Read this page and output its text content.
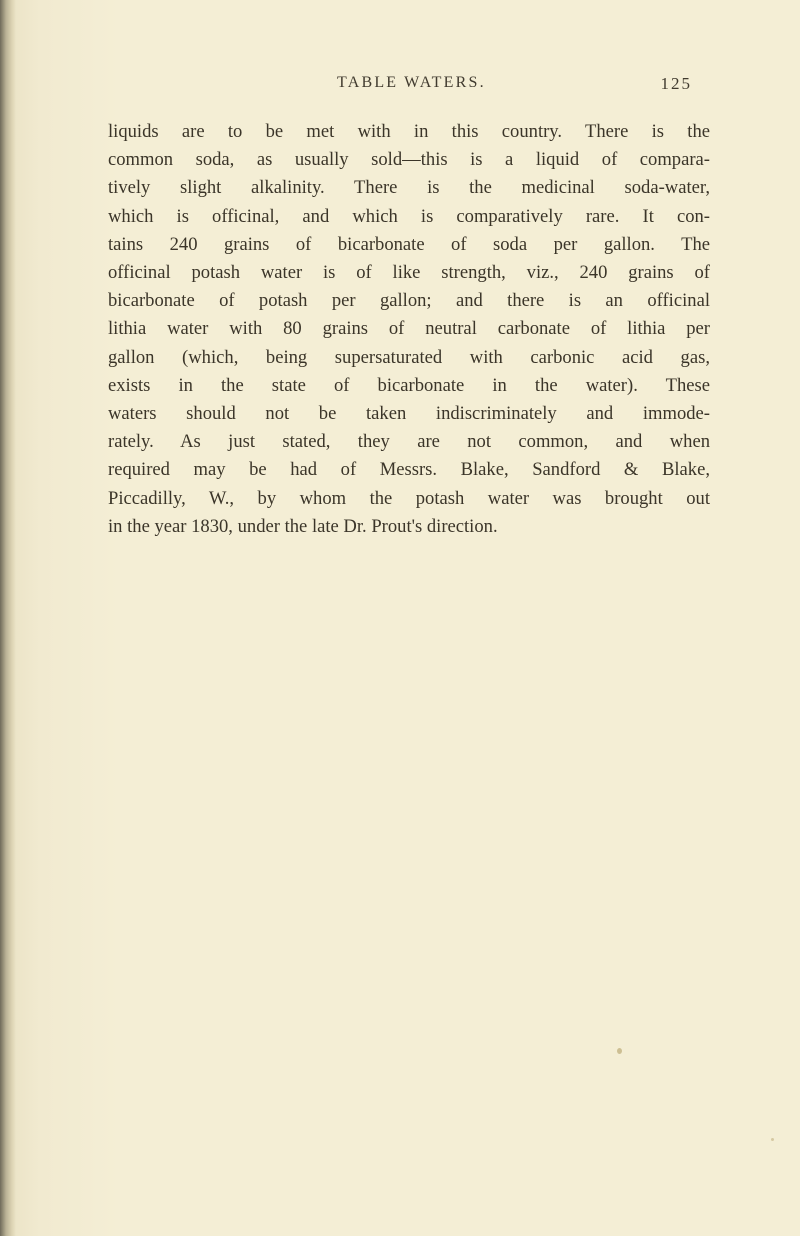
TABLE WATERS.	125
liquids are to be met with in this country. There is the
common soda, as usually sold—this is a liquid of compara-
tively slight alkalinity. There is the medicinal soda-water,
which is officinal, and which is comparatively rare. It con-
tains 240 grains of bicarbonate of soda per gallon. The
officinal potash water is of like strength, viz., 240 grains of
bicarbonate of potash per gallon; and there is an officinal
lithia water with 80 grains of neutral carbonate of lithia per
gallon (which, being supersaturated with carbonic acid gas,
exists in the state of bicarbonate in the water). These
waters should not be taken indiscriminately and immode-
rately. As just stated, they are not common, and when
required may be had of Messrs. Blake, Sandford & Blake,
Piccadilly, W., by whom the potash water was brought out
in the year 1830, under the late Dr. Prout's direction.
